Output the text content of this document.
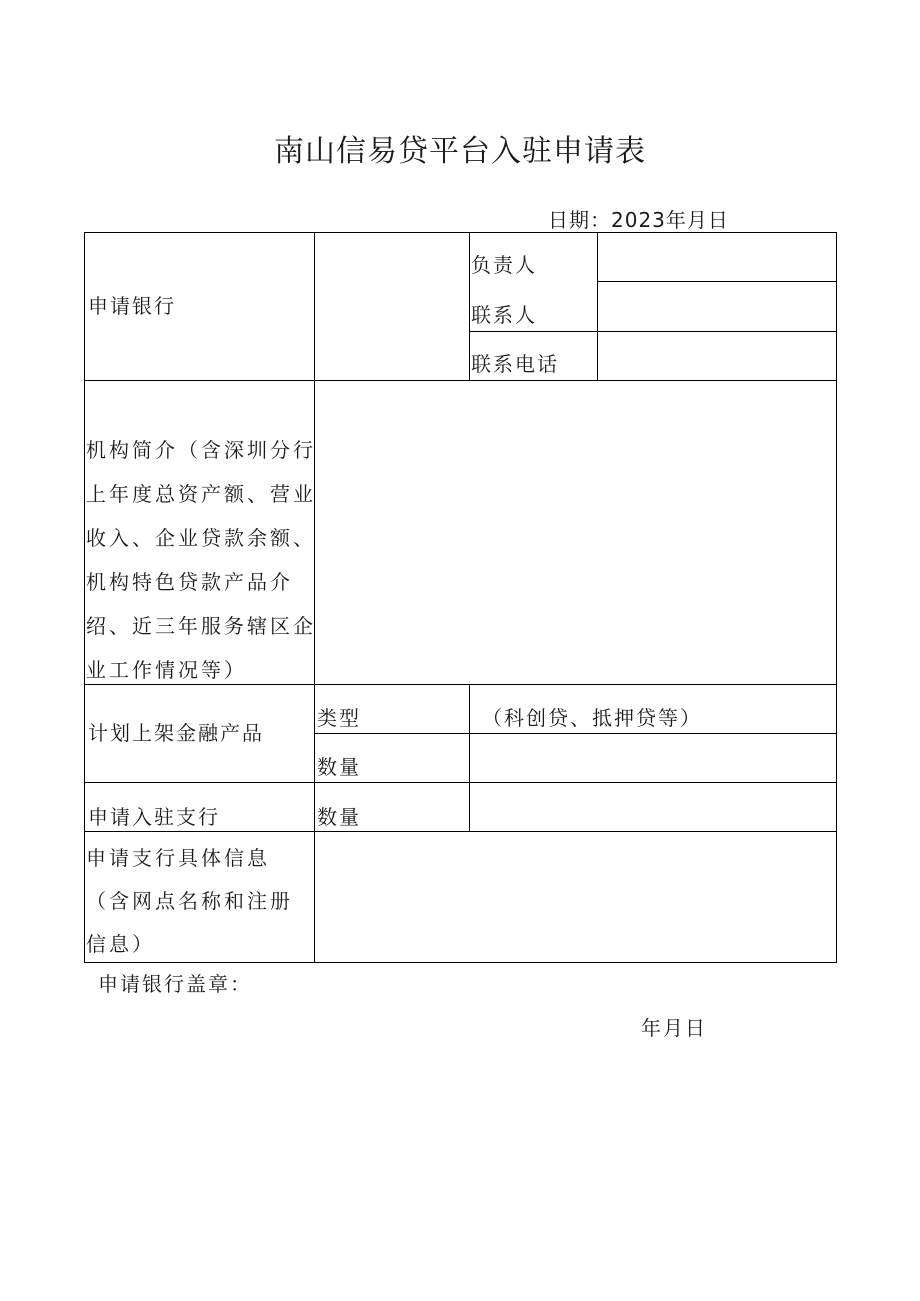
南山信易贷平台入驻申请表
日期：2023年月日
申请银行
负责人
联系人
联系电话
机构简介（含深圳分行上年度总资产额、营业收入、企业贷款余额、机构特色贷款产品介绍、近三年服务辖区企业工作情况等）
计划上架金融产品
类型	（科创贷、抵押贷等）
数量
申请入驻支行	数量
申请支行具体信息（含网点名称和注册信息）
申请银行盖章：
年月日
